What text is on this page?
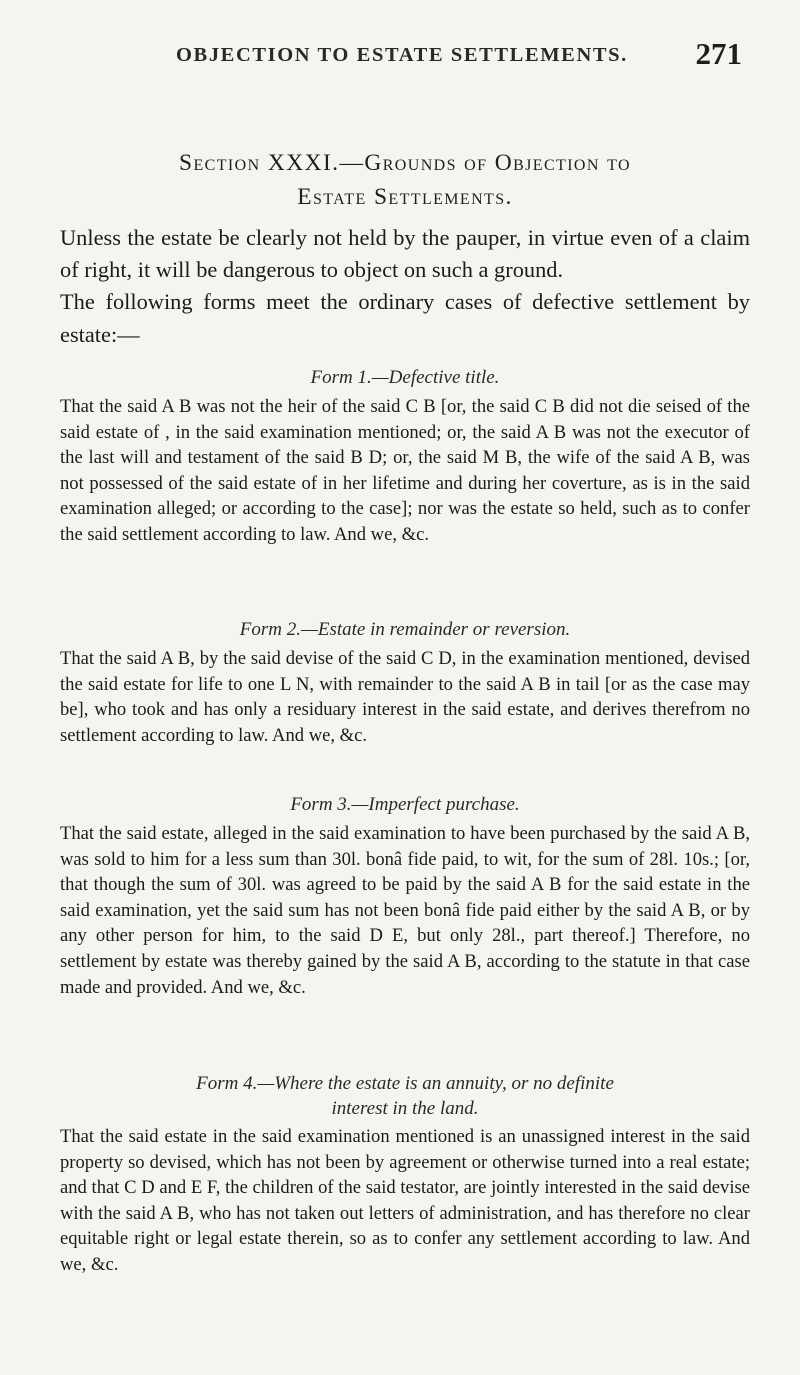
OBJECTION TO ESTATE SETTLEMENTS. 271
Section XXXI.—Grounds of Objection to
Estate Settlements.

Unless the estate be clearly not held by the pauper, in virtue even of a claim of right, it will be dangerous to object on such a ground.

The following forms meet the ordinary cases of defective settlement by estate:—

Form 1.—Defective title.

That the said A B was not the heir of the said C B [or, the said C B did not die seised of the said estate of , in the said examination mentioned; or, the said A B was not the executor of the last will and testament of the said B D; or, the said M B, the wife of the said A B, was not possessed of the said estate of in her lifetime and during her coverture, as is in the said examination alleged; or according to the case]; nor was the estate so held, such as to confer the said settlement according to law. And we, &c.

Form 2.—Estate in remainder or reversion.

That the said A B, by the said devise of the said C D, in the examination mentioned, devised the said estate for life to one L N, with remainder to the said A B in tail [or as the case may be], who took and has only a residuary interest in the said estate, and derives therefrom no settlement according to law. And we, &c.

Form 3.—Imperfect purchase.

That the said estate, alleged in the said examination to have been purchased by the said A B, was sold to him for a less sum than 30l. bonâ fide paid, to wit, for the sum of 28l. 10s.; [or, that though the sum of 30l. was agreed to be paid by the said A B for the said estate in the said examination, yet the said sum has not been bonâ fide paid either by the said A B, or by any other person for him, to the said D E, but only 28l., part thereof.] Therefore, no settlement by estate was thereby gained by the said A B, according to the statute in that case made and provided. And we, &c.

Form 4.—Where the estate is an annuity, or no definite
interest in the land.

That the said estate in the said examination mentioned is an unassigned interest in the said property so devised, which has not been by agreement or otherwise turned into a real estate; and that C D and E F, the children of the said testator, are jointly interested in the said devise with the said A B, who has not taken out letters of administration, and has therefore no clear equitable right or legal estate therein, so as to confer any settlement according to law. And we, &c.
